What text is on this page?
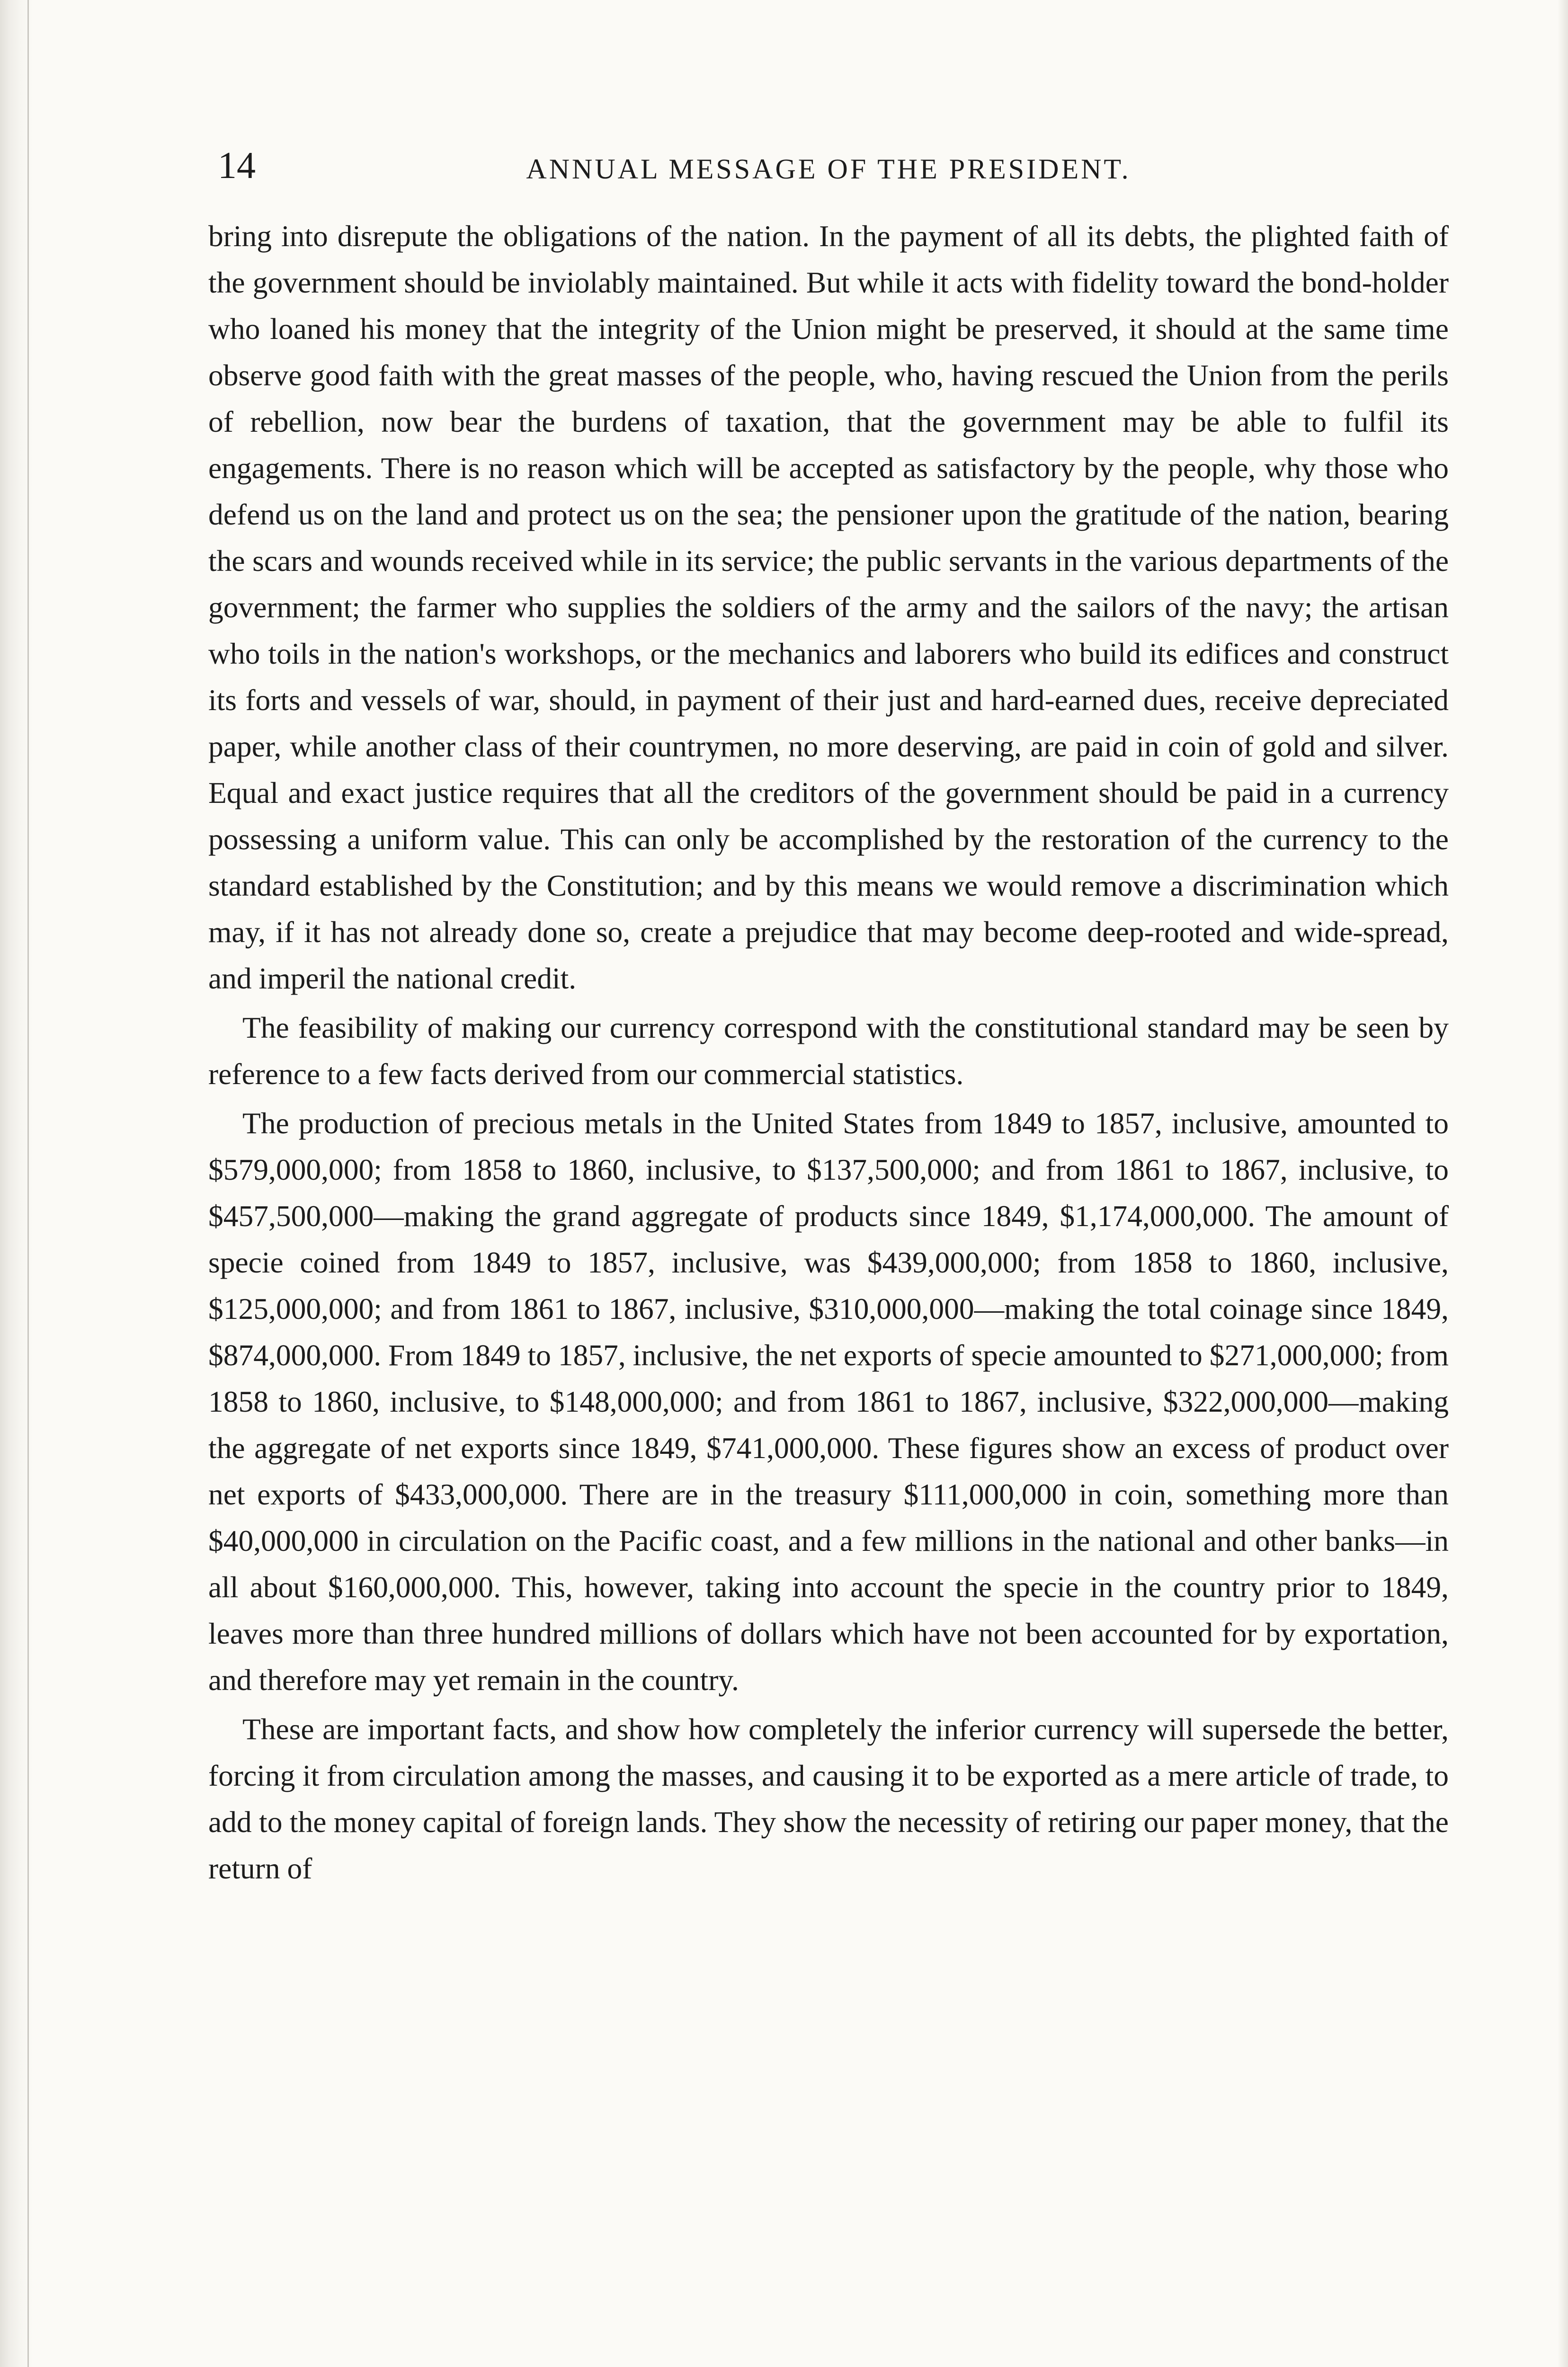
14	ANNUAL MESSAGE OF THE PRESIDENT.

bring into disrepute the obligations of the nation. In the payment of all its debts, the plighted faith of the government should be inviolably maintained. But while it acts with fidelity toward the bond-holder who loaned his money that the integrity of the Union might be preserved, it should at the same time observe good faith with the great masses of the people, who, having rescued the Union from the perils of rebellion, now bear the burdens of taxation, that the government may be able to fulfil its engagements. There is no reason which will be accepted as satisfactory by the people, why those who defend us on the land and protect us on the sea; the pensioner upon the gratitude of the nation, bearing the scars and wounds received while in its service; the public servants in the various departments of the government; the farmer who supplies the soldiers of the army and the sailors of the navy; the artisan who toils in the nation's workshops, or the mechanics and laborers who build its edifices and construct its forts and vessels of war, should, in payment of their just and hard-earned dues, receive depreciated paper, while another class of their countrymen, no more deserving, are paid in coin of gold and silver. Equal and exact justice requires that all the creditors of the government should be paid in a currency possessing a uniform value. This can only be accomplished by the restoration of the currency to the standard established by the Constitution; and by this means we would remove a discrimination which may, if it has not already done so, create a prejudice that may become deep-rooted and wide-spread, and imperil the national credit.

The feasibility of making our currency correspond with the constitutional standard may be seen by reference to a few facts derived from our commercial statistics.

The production of precious metals in the United States from 1849 to 1857, inclusive, amounted to $579,000,000; from 1858 to 1860, inclusive, to $137,500,000; and from 1861 to 1867, inclusive, to $457,500,000—making the grand aggregate of products since 1849, $1,174,000,000. The amount of specie coined from 1849 to 1857, inclusive, was $439,000,000; from 1858 to 1860, inclusive, $125,000,000; and from 1861 to 1867, inclusive, $310,000,000—making the total coinage since 1849, $874,000,000. From 1849 to 1857, inclusive, the net exports of specie amounted to $271,000,000; from 1858 to 1860, inclusive, to $148,000,000; and from 1861 to 1867, inclusive, $322,000,000—making the aggregate of net exports since 1849, $741,000,000. These figures show an excess of product over net exports of $433,000,000. There are in the treasury $111,000,000 in coin, something more than $40,000,000 in circulation on the Pacific coast, and a few millions in the national and other banks—in all about $160,000,000. This, however, taking into account the specie in the country prior to 1849, leaves more than three hundred millions of dollars which have not been accounted for by exportation, and therefore may yet remain in the country.

These are important facts, and show how completely the inferior currency will supersede the better, forcing it from circulation among the masses, and causing it to be exported as a mere article of trade, to add to the money capital of foreign lands. They show the necessity of retiring our paper money, that the return of
